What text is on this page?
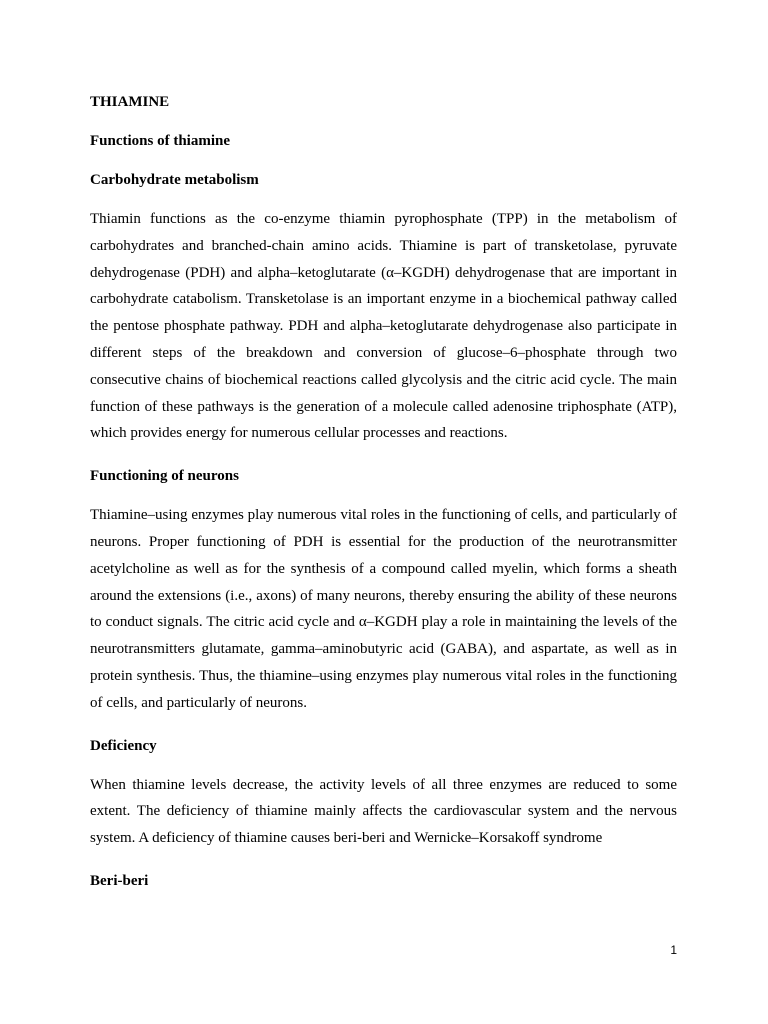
THIAMINE

Functions of thiamine

Carbohydrate metabolism

Thiamin functions as the co-enzyme thiamin pyrophosphate (TPP) in the metabolism of carbohydrates and branched-chain amino acids. Thiamine is part of transketolase, pyruvate dehydrogenase (PDH) and alpha–ketoglutarate (α–KGDH) dehydrogenase that are important in carbohydrate catabolism. Transketolase is an important enzyme in a biochemical pathway called the pentose phosphate pathway. PDH and alpha–ketoglutarate dehydrogenase also participate in different steps of the breakdown and conversion of glucose–6–phosphate through two consecutive chains of biochemical reactions called glycolysis and the citric acid cycle. The main function of these pathways is the generation of a molecule called adenosine triphosphate (ATP), which provides energy for numerous cellular processes and reactions.

Functioning of neurons

Thiamine–using enzymes play numerous vital roles in the functioning of cells, and particularly of neurons. Proper functioning of PDH is essential for the production of the neurotransmitter acetylcholine as well as for the synthesis of a compound called myelin, which forms a sheath around the extensions (i.e., axons) of many neurons, thereby ensuring the ability of these neurons to conduct signals. The citric acid cycle and α–KGDH play a role in maintaining the levels of the neurotransmitters glutamate, gamma–aminobutyric acid (GABA), and aspartate, as well as in protein synthesis. Thus, the thiamine–using enzymes play numerous vital roles in the functioning of cells, and particularly of neurons.

Deficiency

When thiamine levels decrease, the activity levels of all three enzymes are reduced to some extent. The deficiency of thiamine mainly affects the cardiovascular system and the nervous system. A deficiency of thiamine causes beri-beri and Wernicke–Korsakoff syndrome

Beri-beri

1
